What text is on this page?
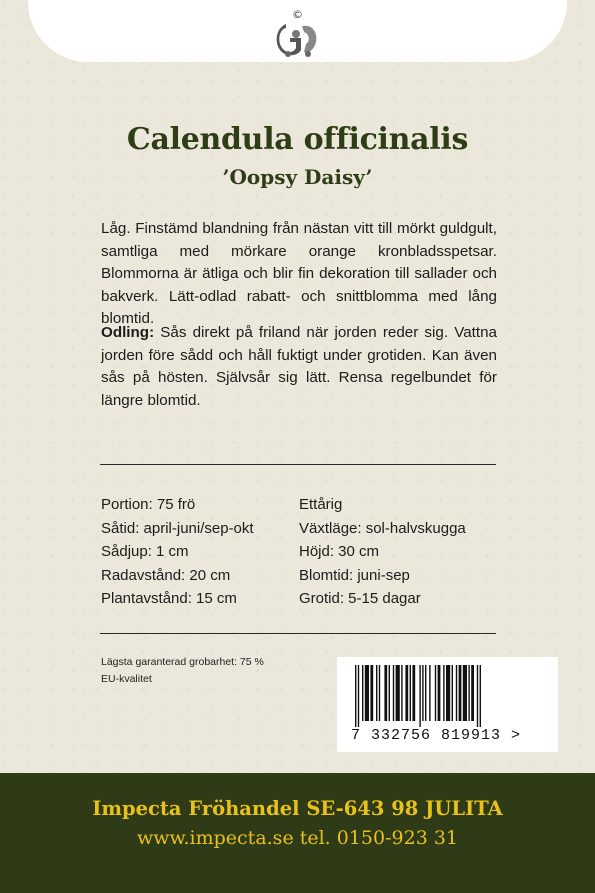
©
Calendula officinalis
’Oopsy Daisy’
Låg. Finstämd blandning från nästan vitt till mörkt guldgult, samtliga med mörkare orange kronbladsspetsar. Blommorna är ätliga och blir fin dekoration till sallader och bakverk. Lätt-odlad rabatt- och snittblomma med lång blomtid.
Odling: Sås direkt på friland när jorden reder sig. Vattna jorden före sådd och håll fuktigt under grotiden. Kan även sås på hösten. Självsår sig lätt. Rensa regelbundet för längre blomtid.
Portion: 75 frö
Såtid: april-juni/sep-okt
Sådjup: 1 cm
Radavstånd: 20 cm
Plantavstånd: 15 cm
Ettårig
Växtläge: sol-halvskugga
Höjd: 30 cm
Blomtid: juni-sep
Grotid: 5-15 dagar
Lägsta garanterad grobarhet: 75 %
EU-kvalitet
7 332756 819913 >
Impecta Fröhandel SE-643 98 JULITA
www.impecta.se tel. 0150-923 31
